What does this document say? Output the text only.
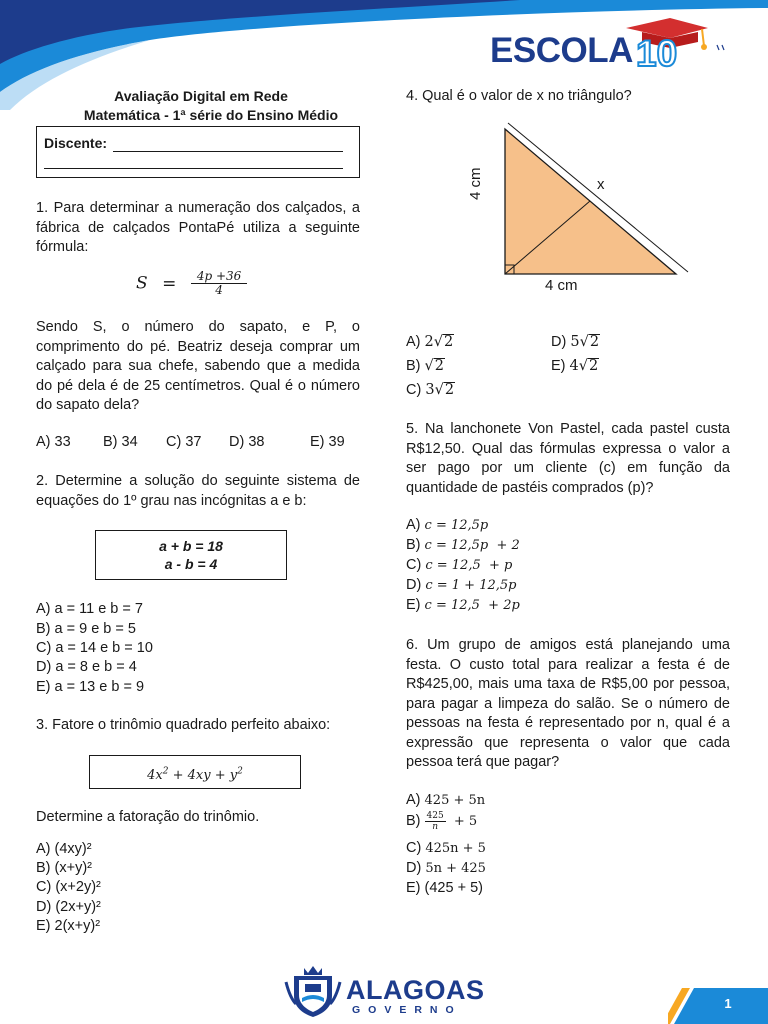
ESCOLA 10
Avaliação Digital em Rede
Matemática - 1ª série do Ensino Médio
Discente:
1. Para determinar a numeração dos calçados, a fábrica de calçados PontaPé utiliza a seguinte fórmula:
$S = \frac{4p +36}{4}$
Sendo S, o número do sapato, e P, o comprimento do pé. Beatriz deseja comprar um calçado para sua chefe, sabendo que a medida do pé dela é de 25 centímetros. Qual é o número do sapato dela?
A) 33 B) 34 C) 37 D) 38	E) 39
2. Determine a solução do seguinte sistema de equações do 1º grau nas incógnitas a e b:
a + b = 18
a - b = 4
A) a = 11 e b = 7
B) a = 9 e b = 5
C) a = 14 e b = 10
D) a = 8 e b = 4
E) a = 13 e b = 9
3. Fatore o trinômio quadrado perfeito abaixo:
$4x^2 + 4xy + y^2$
Determine a fatoração do trinômio.
A) (4xy)²
B) (x+y)²
C) (x+2y)²
D) (2x+y)²
E) 2(x+y)²
4. Qual é o valor de x no triângulo?
4 cm
4 cm
x
A) 2√2	D) 5√2
B) √2	E) 4√2
C) 3√2
5. Na lanchonete Von Pastel, cada pastel custa R$12,50. Qual das fórmulas expressa o valor a ser pago por um cliente (c) em função da quantidade de pastéis comprados (p)?
A) c = 12,5p
B) c = 12,5p  + 2
C) c = 12,5  + p
D) c = 1 + 12,5p
E) c = 12,5  + 2p
6. Um grupo de amigos está planejando uma festa. O custo total para realizar a festa é de R$425,00, mais uma taxa de R$5,00 por pessoa, para pagar a limpeza do salão. Se o número de pessoas na festa é representado por n, qual é a expressão que representa o valor que cada pessoa terá que pagar?
A) 425 + 5n
$B) \frac{425}{n} + 5$
C) 425n + 5
D) 5n + 425
E) (425 + 5)
ALAGOAS
GOVERNO	1
